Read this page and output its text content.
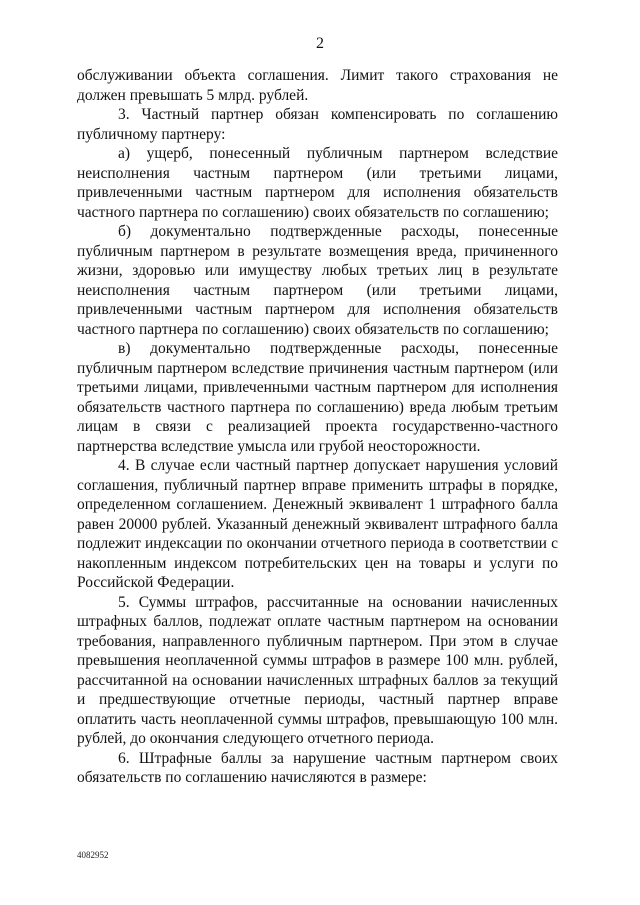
2

обслуживании объекта соглашения. Лимит такого страхования не должен превышать 5 млрд. рублей.

3. Частный партнер обязан компенсировать по соглашению публичному партнеру:

а) ущерб, понесенный публичным партнером вследствие неисполнения частным партнером (или третьими лицами, привлеченными частным партнером для исполнения обязательств частного партнера по соглашению) своих обязательств по соглашению;

б) документально подтвержденные расходы, понесенные публичным партнером в результате возмещения вреда, причиненного жизни, здоровью или имуществу любых третьих лиц в результате неисполнения частным партнером (или третьими лицами, привлеченными частным партнером для исполнения обязательств частного партнера по соглашению) своих обязательств по соглашению;

в) документально подтвержденные расходы, понесенные публичным партнером вследствие причинения частным партнером (или третьими лицами, привлеченными частным партнером для исполнения обязательств частного партнера по соглашению) вреда любым третьим лицам в связи с реализацией проекта государственно-частного партнерства вследствие умысла или грубой неосторожности.

4. В случае если частный партнер допускает нарушения условий соглашения, публичный партнер вправе применить штрафы в порядке, определенном соглашением. Денежный эквивалент 1 штрафного балла равен 20000 рублей. Указанный денежный эквивалент штрафного балла подлежит индексации по окончании отчетного периода в соответствии с накопленным индексом потребительских цен на товары и услуги по Российской Федерации.

5. Суммы штрафов, рассчитанные на основании начисленных штрафных баллов, подлежат оплате частным партнером на основании требования, направленного публичным партнером. При этом в случае превышения неоплаченной суммы штрафов в размере 100 млн. рублей, рассчитанной на основании начисленных штрафных баллов за текущий и предшествующие отчетные периоды, частный партнер вправе оплатить часть неоплаченной суммы штрафов, превышающую 100 млн. рублей, до окончания следующего отчетного периода.

6. Штрафные баллы за нарушение частным партнером своих обязательств по соглашению начисляются в размере:

4082952
